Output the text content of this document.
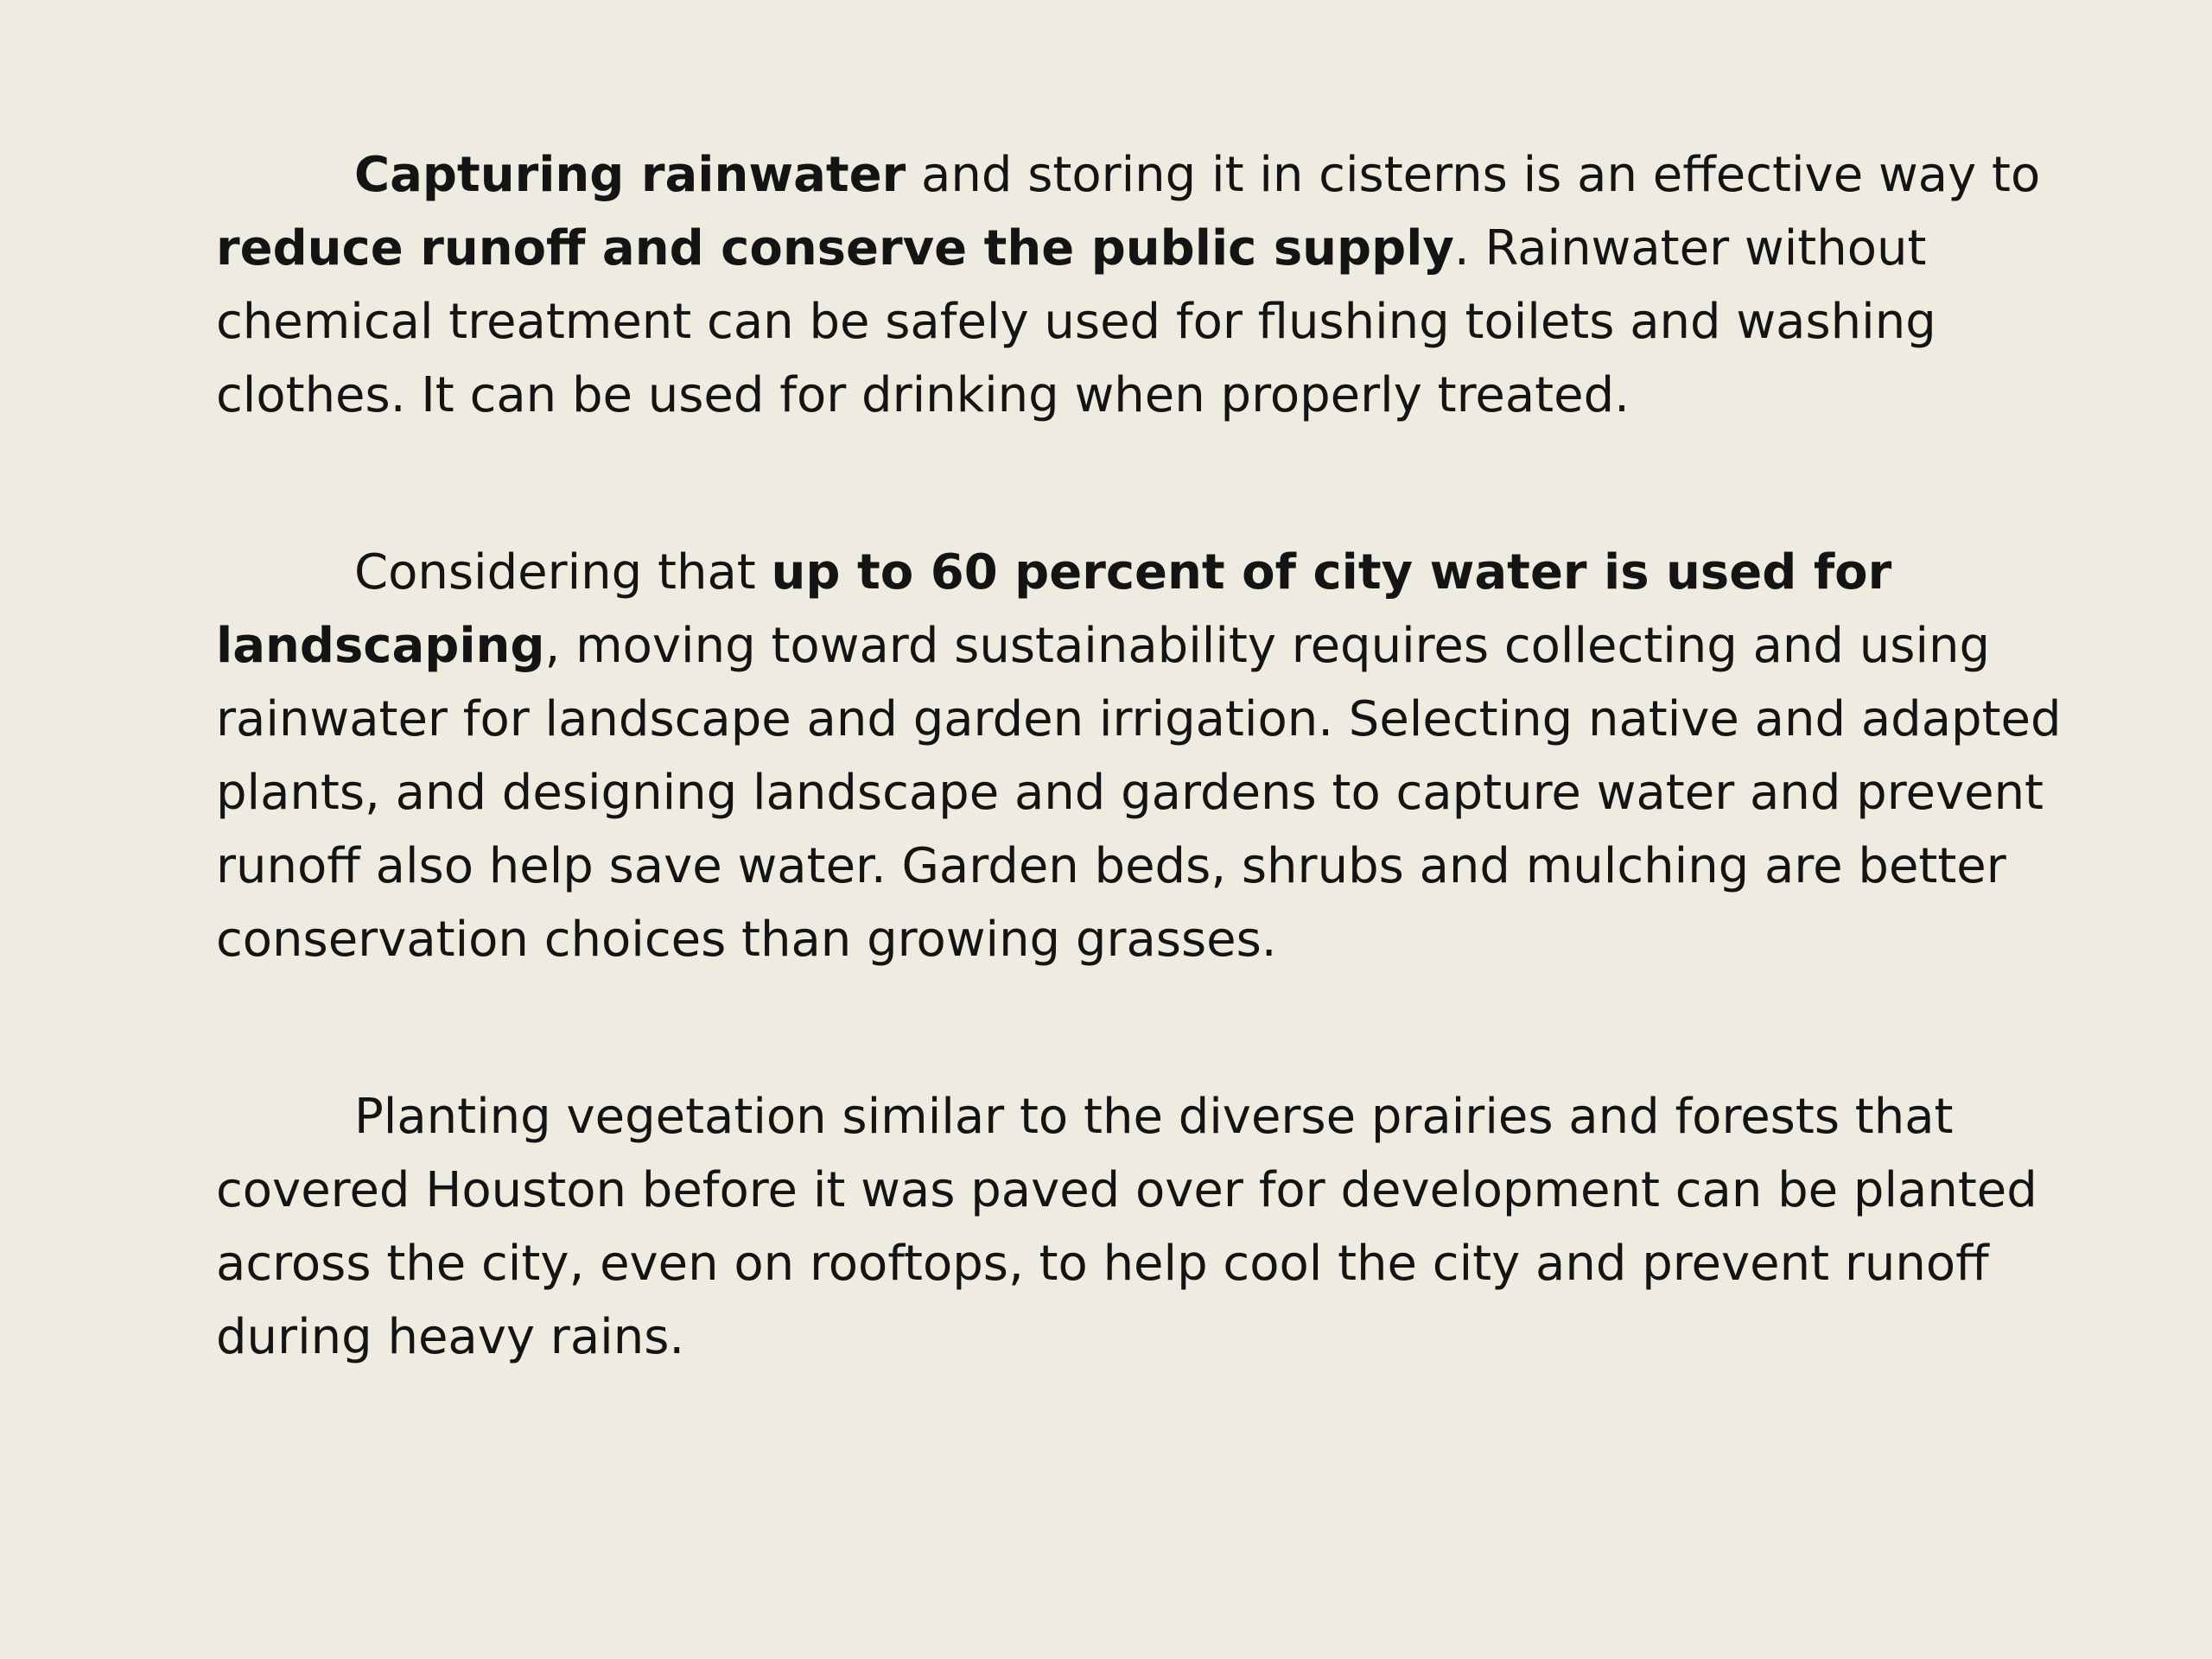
Capturing rainwater and storing it in cisterns is an effective way to reduce runoff and conserve the public supply. Rainwater without chemical treatment can be safely used for flushing toilets and washing clothes. It can be used for drinking when properly treated.

Considering that up to 60 percent of city water is used for landscaping, moving toward sustainability requires collecting and using rainwater for landscape and garden irrigation. Selecting native and adapted plants, and designing landscape and gardens to capture water and prevent runoff also help save water. Garden beds, shrubs and mulching are better conservation choices than growing grasses.

Planting vegetation similar to the diverse prairies and forests that covered Houston before it was paved over for development can be planted across the city, even on rooftops, to help cool the city and prevent runoff during heavy rains.
